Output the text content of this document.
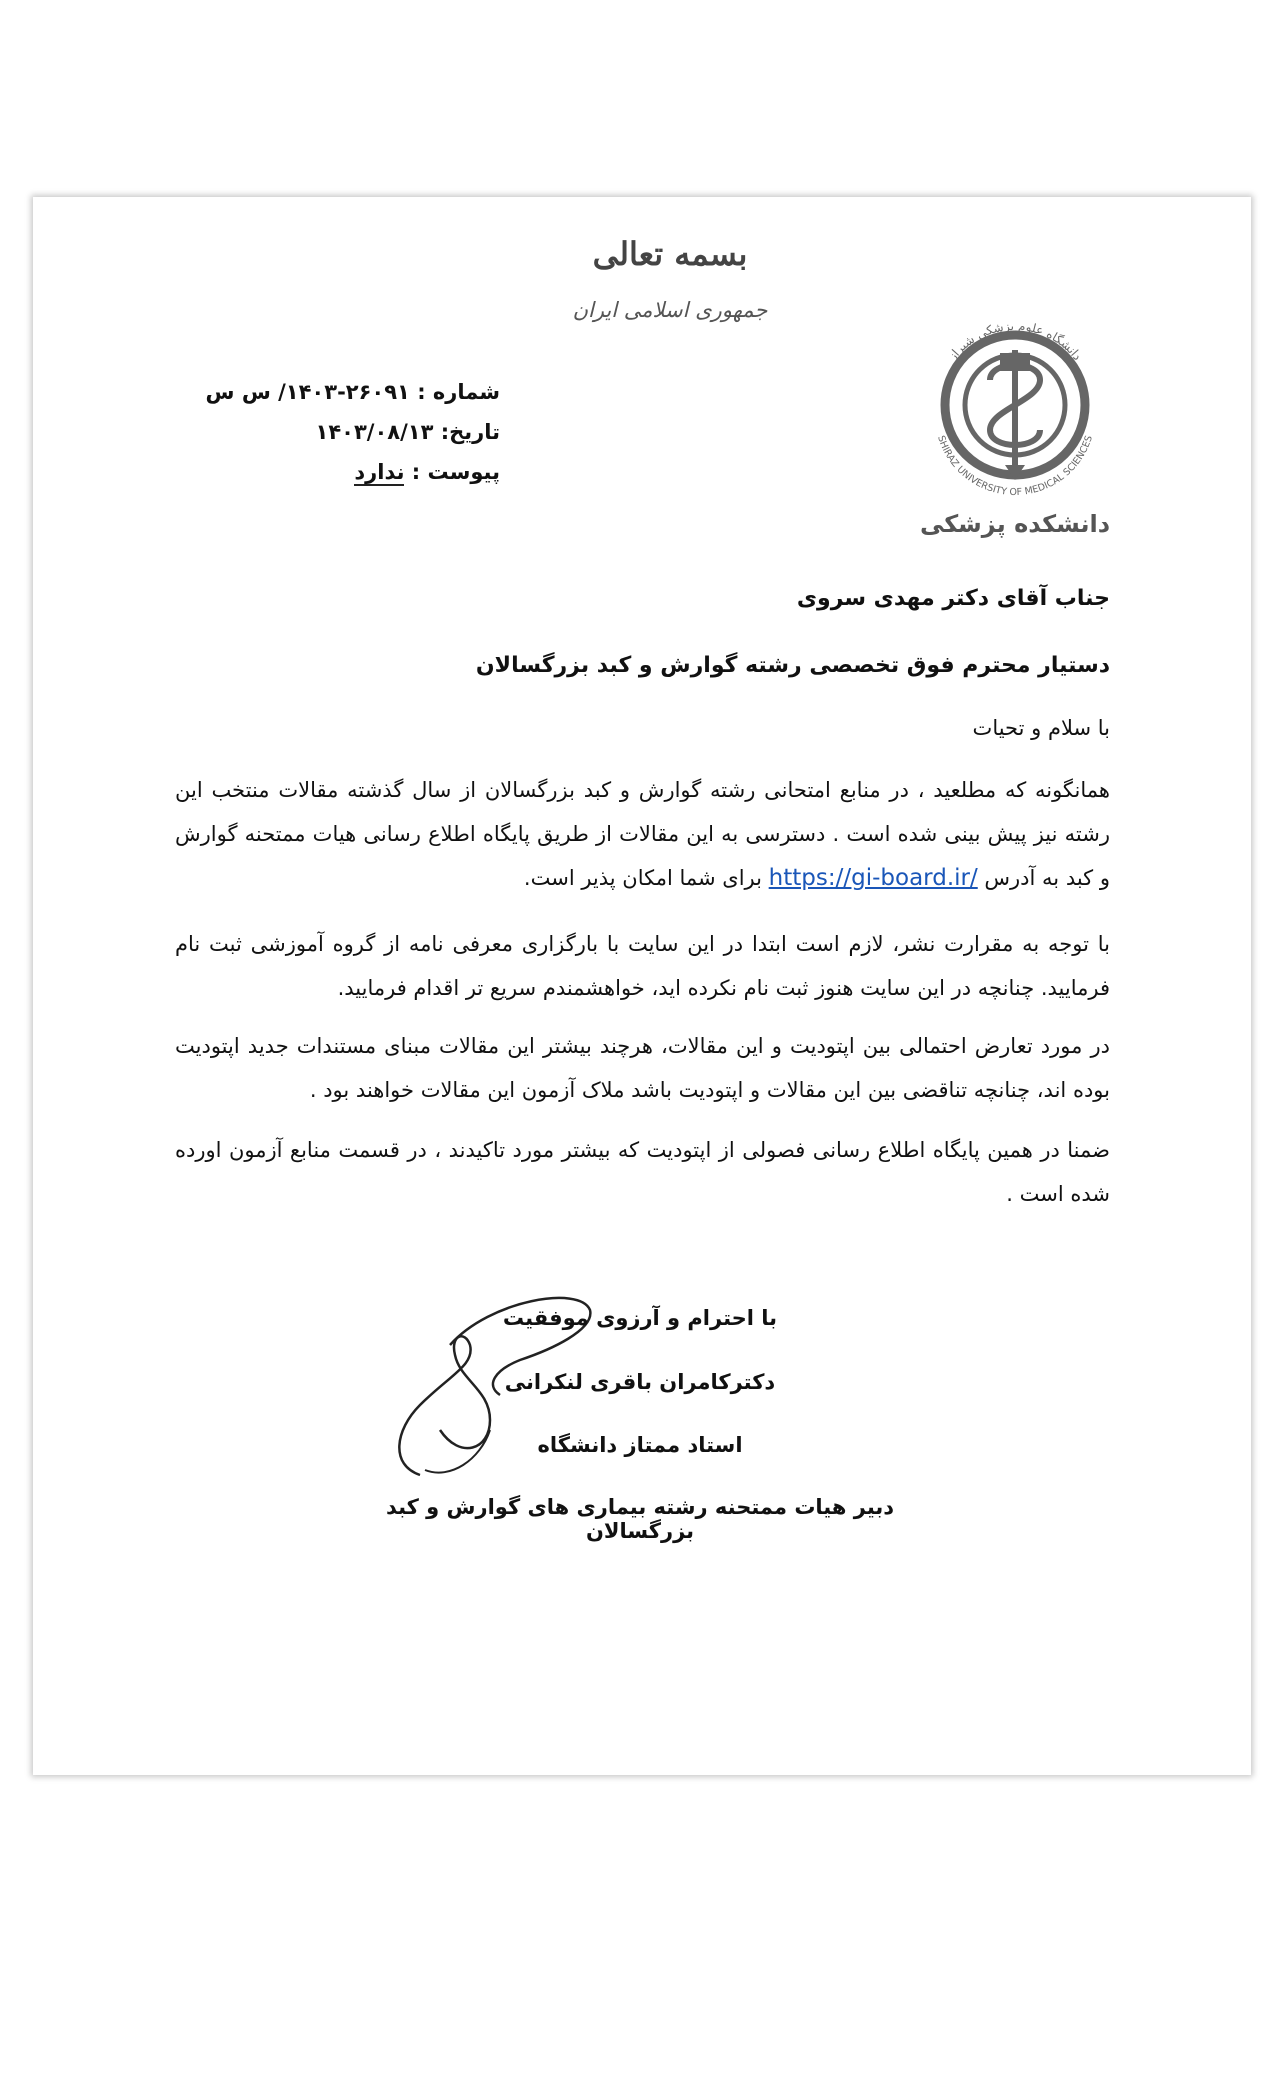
بسمه تعالی
جمهوری اسلامی ایران
شماره : ۲۶۰۹۱-۱۴۰۳/ س س
تاریخ: ۱۴۰۳/۰۸/۱۳
پیوست : ندارد
دانشگاه علوم پزشکی شیراز
SHIRAZ UNIVERSITY OF MEDICAL SCIENCES
دانشکده پزشکی
جناب آقای دکتر مهدی سروی
دستیار محترم فوق تخصصی رشته گوارش و کبد بزرگسالان
با سلام و تحیات
همانگونه که مطلعید ، در منابع امتحانی رشته گوارش و کبد بزرگسالان از سال گذشته مقالات منتخب این رشته نیز پیش بینی شده است . دسترسی به این مقالات از طریق پایگاه اطلاع رسانی هیات ممتحنه گوارش و کبد به آدرس https://gi-board.ir/ برای شما امکان پذیر است.
با توجه به مقرارت نشر، لازم است ابتدا در این سایت با بارگزاری معرفی نامه از گروه آموزشی ثبت نام فرمایید. چنانچه در این سایت هنوز ثبت نام نکرده اید، خواهشمندم سریع تر اقدام فرمایید.
در مورد تعارض احتمالی بین اپتودیت و این مقالات، هرچند بیشتر این مقالات مبنای مستندات جدید اپتودیت بوده اند، چنانچه تناقضی بین این مقالات و اپتودیت باشد ملاک آزمون این مقالات خواهند بود .
ضمنا در همین پایگاه اطلاع رسانی فصولی از اپتودیت که بیشتر مورد تاکیدند ، در قسمت منابع آزمون اورده شده است .
با احترام و آرزوی موفقیت
دکترکامران باقری لنکرانی
استاد ممتاز دانشگاه
دبیر هیات ممتحنه رشته بیماری های گوارش و کبد بزرگسالان
